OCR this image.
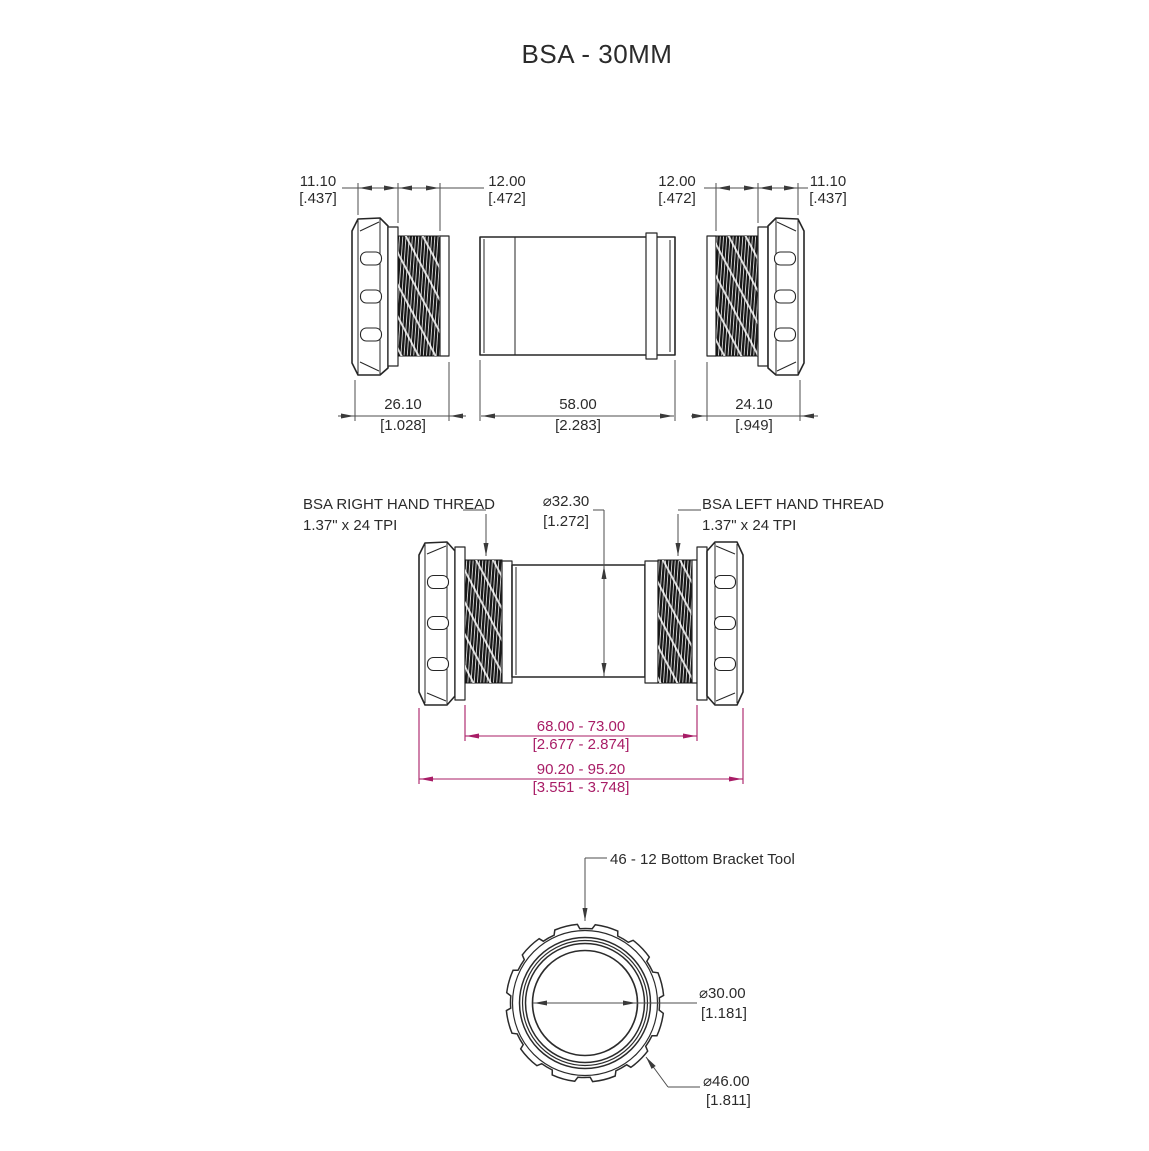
BSA - 30MM
11.10
[.437]
12.00
[.472]
12.00
[.472]
11.10
[.437]
26.10
[1.028]
58.00
[2.283]
24.10
[.949]
BSA RIGHT HAND THREAD
1.37" x 24 TPI
⌀32.30
[1.272]
BSA LEFT HAND THREAD
1.37" x 24 TPI
68.00 - 73.00
[2.677 - 2.874]
90.20 - 95.20
[3.551 - 3.748]
46 - 12 Bottom Bracket Tool
⌀30.00
[1.181]
⌀46.00
[1.811]
